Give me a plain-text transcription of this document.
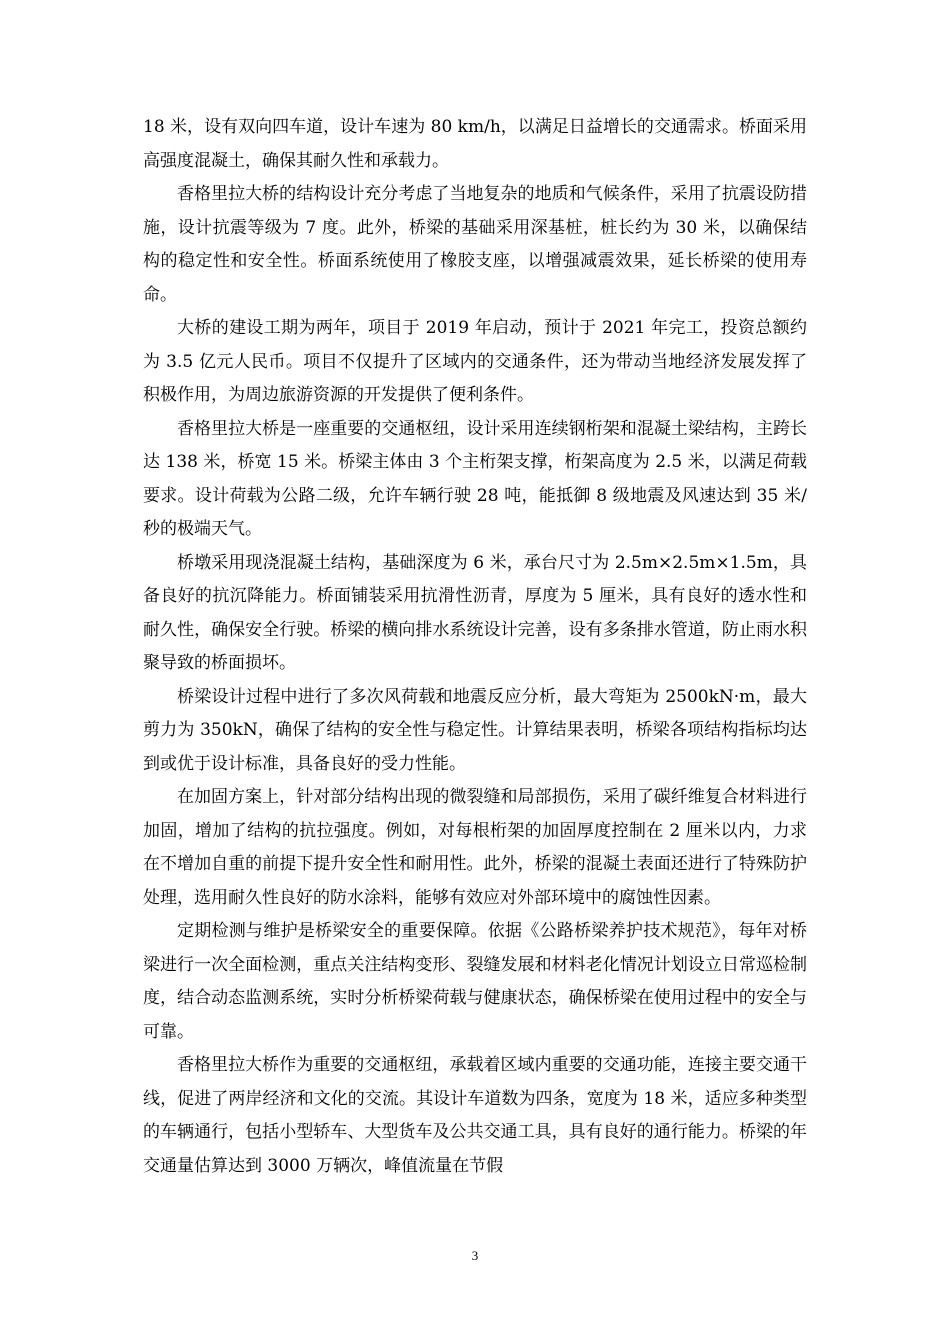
18 米，设有双向四车道，设计车速为 80 km/h，以满足日益增长的交通需求。桥面采用高强度混凝土，确保其耐久性和承载力。

香格里拉大桥的结构设计充分考虑了当地复杂的地质和气候条件，采用了抗震设防措施，设计抗震等级为 7 度。此外，桥梁的基础采用深基桩，桩长约为 30 米，以确保结构的稳定性和安全性。桥面系统使用了橡胶支座，以增强减震效果，延长桥梁的使用寿命。

大桥的建设工期为两年，项目于 2019 年启动，预计于 2021 年完工，投资总额约为 3.5 亿元人民币。项目不仅提升了区域内的交通条件，还为带动当地经济发展发挥了积极作用，为周边旅游资源的开发提供了便利条件。

香格里拉大桥是一座重要的交通枢纽，设计采用连续钢桁架和混凝土梁结构，主跨长达 138 米，桥宽 15 米。桥梁主体由 3 个主桁架支撑，桁架高度为 2.5 米，以满足荷载要求。设计荷载为公路二级，允许车辆行驶 28 吨，能抵御 8 级地震及风速达到 35 米/秒的极端天气。

桥墩采用现浇混凝土结构，基础深度为 6 米，承台尺寸为 2.5m×2.5m×1.5m，具备良好的抗沉降能力。桥面铺装采用抗滑性沥青，厚度为 5 厘米，具有良好的透水性和耐久性，确保安全行驶。桥梁的横向排水系统设计完善，设有多条排水管道，防止雨水积聚导致的桥面损坏。

桥梁设计过程中进行了多次风荷载和地震反应分析，最大弯矩为 2500kN·m，最大剪力为 350kN，确保了结构的安全性与稳定性。计算结果表明，桥梁各项结构指标均达到或优于设计标准，具备良好的受力性能。

在加固方案上，针对部分结构出现的微裂缝和局部损伤，采用了碳纤维复合材料进行加固，增加了结构的抗拉强度。例如，对每根桁架的加固厚度控制在 2 厘米以内，力求在不增加自重的前提下提升安全性和耐用性。此外，桥梁的混凝土表面还进行了特殊防护处理，选用耐久性良好的防水涂料，能够有效应对外部环境中的腐蚀性因素。

定期检测与维护是桥梁安全的重要保障。依据《公路桥梁养护技术规范》，每年对桥梁进行一次全面检测，重点关注结构变形、裂缝发展和材料老化情况计划设立日常巡检制度，结合动态监测系统，实时分析桥梁荷载与健康状态，确保桥梁在使用过程中的安全与可靠。

香格里拉大桥作为重要的交通枢纽，承载着区域内重要的交通功能，连接主要交通干线，促进了两岸经济和文化的交流。其设计车道数为四条，宽度为 18 米，适应多种类型的车辆通行，包括小型轿车、大型货车及公共交通工具，具有良好的通行能力。桥梁的年交通量估算达到 3000 万辆次，峰值流量在节假

3
